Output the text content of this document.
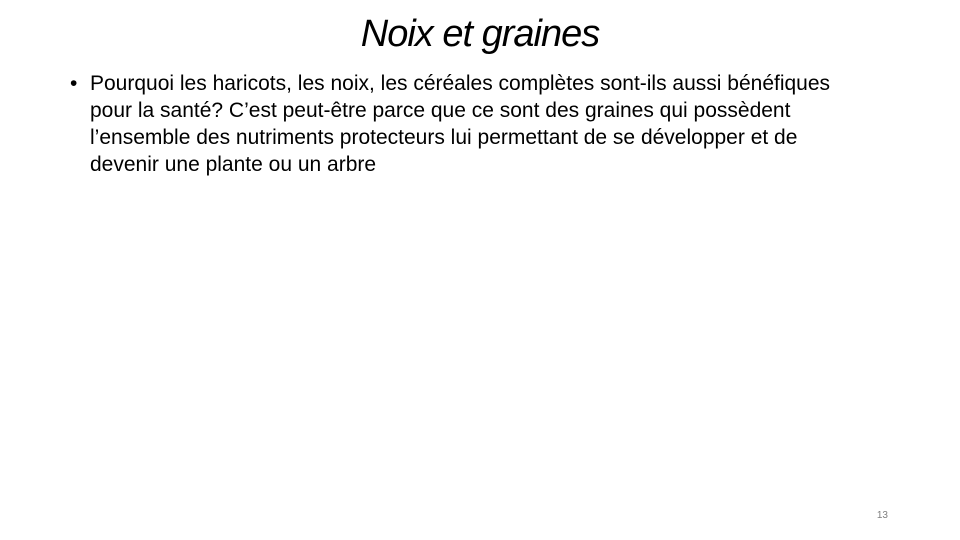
Noix et graines
• Pourquoi les haricots, les noix, les céréales complètes sont-ils aussi bénéfiques pour la santé? C’est peut-être parce que ce sont des graines qui possèdent l’ensemble des nutriments protecteurs lui permettant de se développer et de devenir une plante ou un arbre
13
